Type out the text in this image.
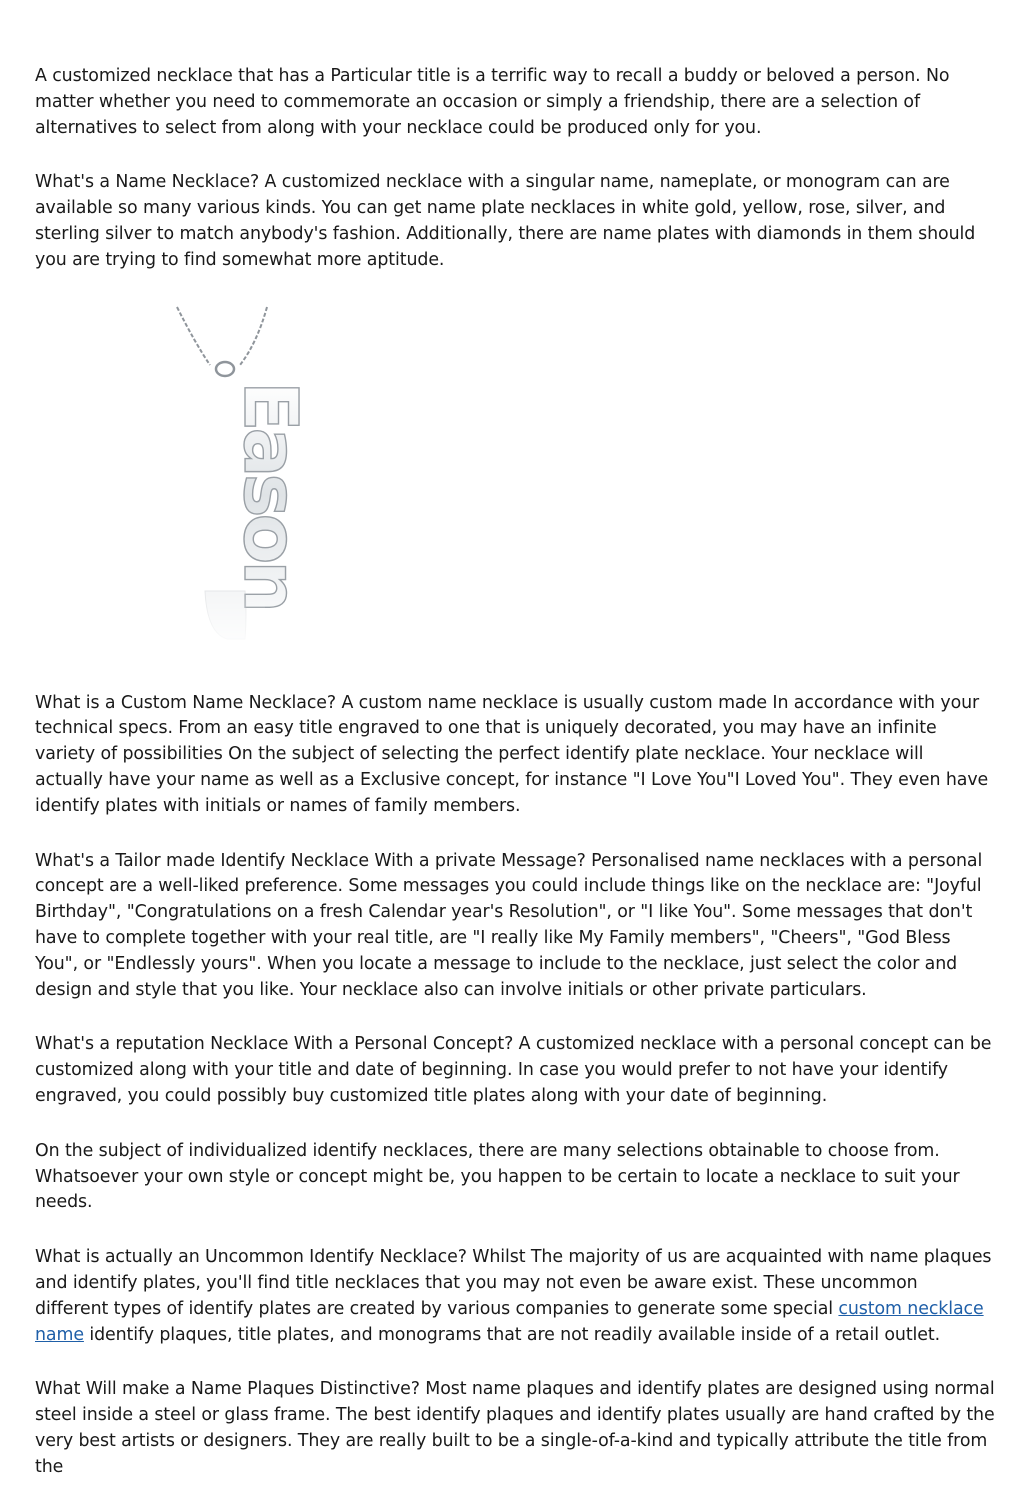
A customized necklace that has a Particular title is a terrific way to recall a buddy or beloved a person. No matter whether you need to commemorate an occasion or simply a friendship, there are a selection of alternatives to select from along with your necklace could be produced only for you.

What's a Name Necklace? A customized necklace with a singular name, nameplate, or monogram can are available so many various kinds. You can get name plate necklaces in white gold, yellow, rose, silver, and sterling silver to match anybody's fashion. Additionally, there are name plates with diamonds in them should you are trying to find somewhat more aptitude.

Eason

What is a Custom Name Necklace? A custom name necklace is usually custom made In accordance with your technical specs. From an easy title engraved to one that is uniquely decorated, you may have an infinite variety of possibilities On the subject of selecting the perfect identify plate necklace. Your necklace will actually have your name as well as a Exclusive concept, for instance "I Love You"I Loved You". They even have identify plates with initials or names of family members.

What's a Tailor made Identify Necklace With a private Message? Personalised name necklaces with a personal concept are a well-liked preference. Some messages you could include things like on the necklace are: "Joyful Birthday", "Congratulations on a fresh Calendar year's Resolution", or "I like You". Some messages that don't have to complete together with your real title, are "I really like My Family members", "Cheers", "God Bless You", or "Endlessly yours". When you locate a message to include to the necklace, just select the color and design and style that you like. Your necklace also can involve initials or other private particulars.

What's a reputation Necklace With a Personal Concept? A customized necklace with a personal concept can be customized along with your title and date of beginning. In case you would prefer to not have your identify engraved, you could possibly buy customized title plates along with your date of beginning.

On the subject of individualized identify necklaces, there are many selections obtainable to choose from. Whatsoever your own style or concept might be, you happen to be certain to locate a necklace to suit your needs.

What is actually an Uncommon Identify Necklace? Whilst The majority of us are acquainted with name plaques and identify plates, you'll find title necklaces that you may not even be aware exist. These uncommon different types of identify plates are created by various companies to generate some special custom necklace name identify plaques, title plates, and monograms that are not readily available inside of a retail outlet.

What Will make a Name Plaques Distinctive? Most name plaques and identify plates are designed using normal steel inside a steel or glass frame. The best identify plaques and identify plates usually are hand crafted by the very best artists or designers. They are really built to be a single-of-a-kind and typically attribute the title from the
